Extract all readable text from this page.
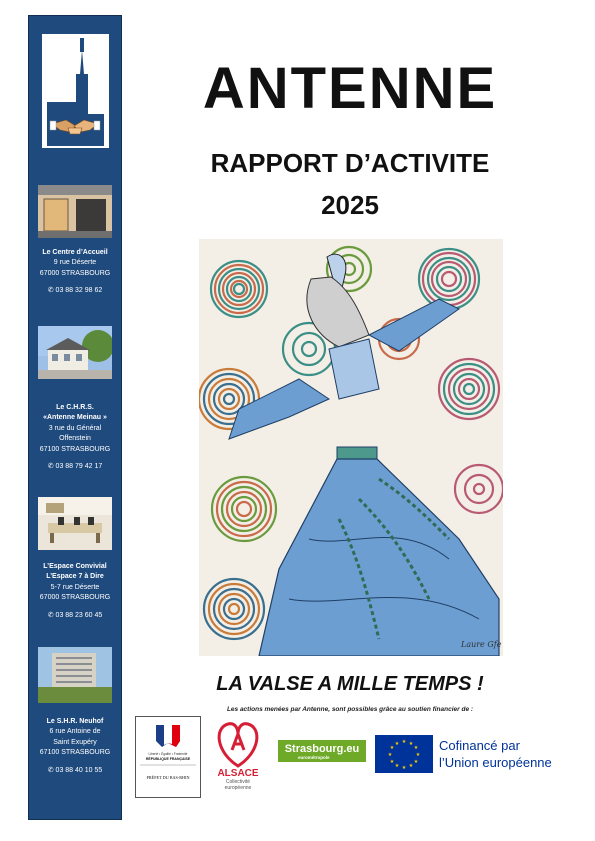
Le Centre d’Accueil
9 rue Déserte
67000 STRASBOURG
✆ 03 88 32 98 62
Le C.H.R.S.
«Antenne Meinau »
3 rue du Général
Offenstein
67100 STRASBOURG
✆ 03 88 79 42 17
L’Espace Convivial
L’Espace 7 à Dire
5-7 rue Déserte
67000 STRASBOURG
✆ 03 88 23 60 45
Le S.H.R. Neuhof
6 rue Antoine de
Saint Exupéry
67100 STRASBOURG
✆ 03 88 40 10 55
ANTENNE
RAPPORT D’ACTIVITE
2025
Laure Gfe
LA VALSE A MILLE TEMPS !
Les actions menées par Antenne, sont possibles grâce au soutien financier de :
Liberté • Égalité • Fraternité
RÉPUBLIQUE FRANÇAISE
PRÉFET DU BAS-RHIN	ALSACE
Collectivité
européenne
Strasbourg.eu
eurométropole
★ ★
★
★
★
★
★
★
★
★
★
★	Cofinancé par
l’Union européenne
